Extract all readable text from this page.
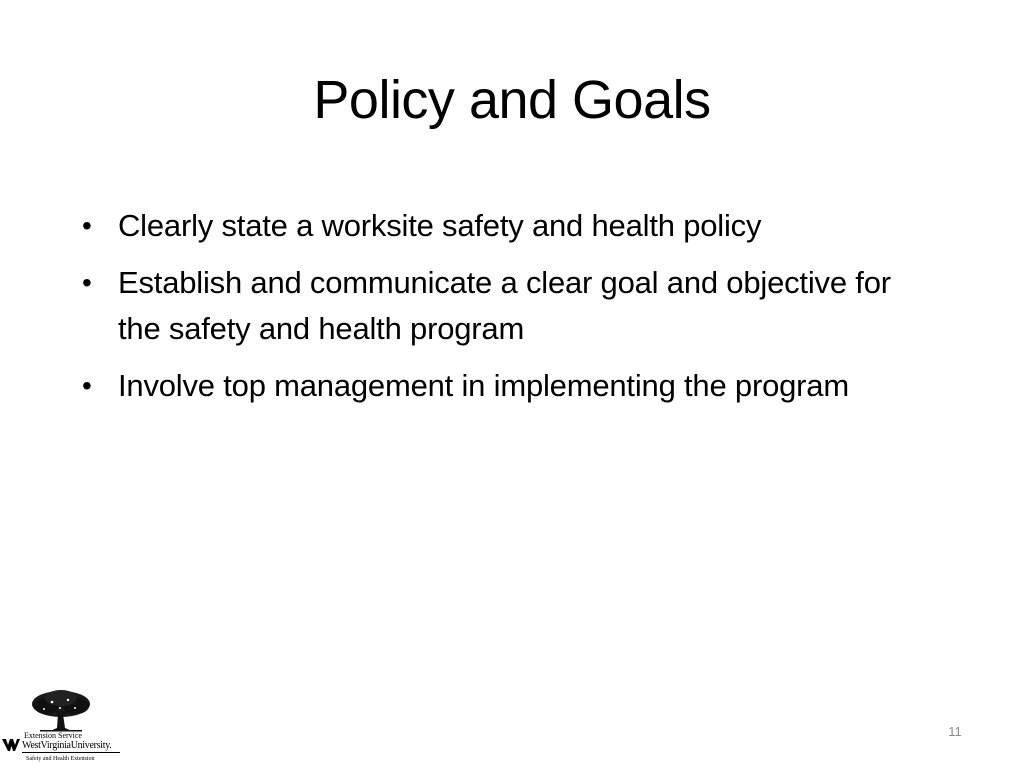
Policy and Goals
• Clearly state a worksite safety and health policy
• Establish and communicate a clear goal and objective for the safety and health program
• Involve top management in implementing the program
Extension Service
WestVirginiaUniversity.
Safety and Health Extension
11
